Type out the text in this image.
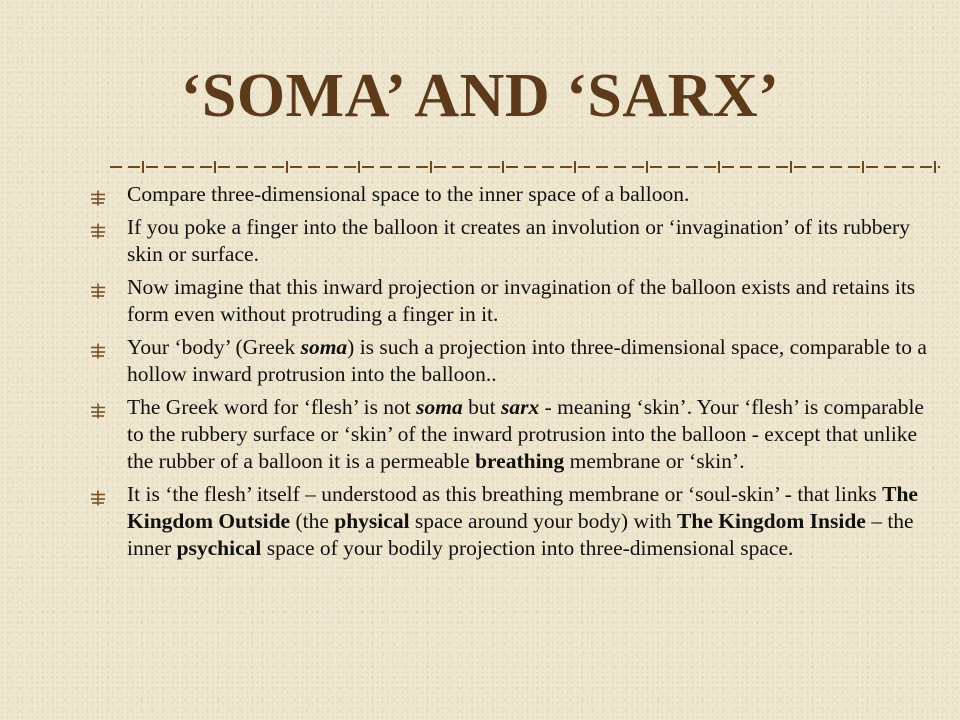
‘SOMA’ AND ‘SARX’
Compare three-dimensional space to the inner space of a balloon.
If you poke a finger into the balloon it creates an involution or ‘invagination’ of its rubbery skin or surface.
Now imagine that this inward projection or invagination of the balloon exists and retains its form even without protruding a finger in it.
Your ‘body’ (Greek soma) is such a projection into three-dimensional space, comparable to a hollow inward protrusion into the balloon..
The Greek word for ‘flesh’ is not soma but sarx - meaning ‘skin’. Your ‘flesh’ is comparable to the rubbery surface or ‘skin’ of the inward protrusion into the balloon - except that unlike the rubber of a balloon it is a permeable breathing membrane or ‘skin’.
It is ‘the flesh’ itself – understood as this breathing membrane or ‘soul-skin’ - that links The Kingdom Outside (the physical space around your body) with The Kingdom Inside – the inner psychical space of your bodily projection into three-dimensional space.
